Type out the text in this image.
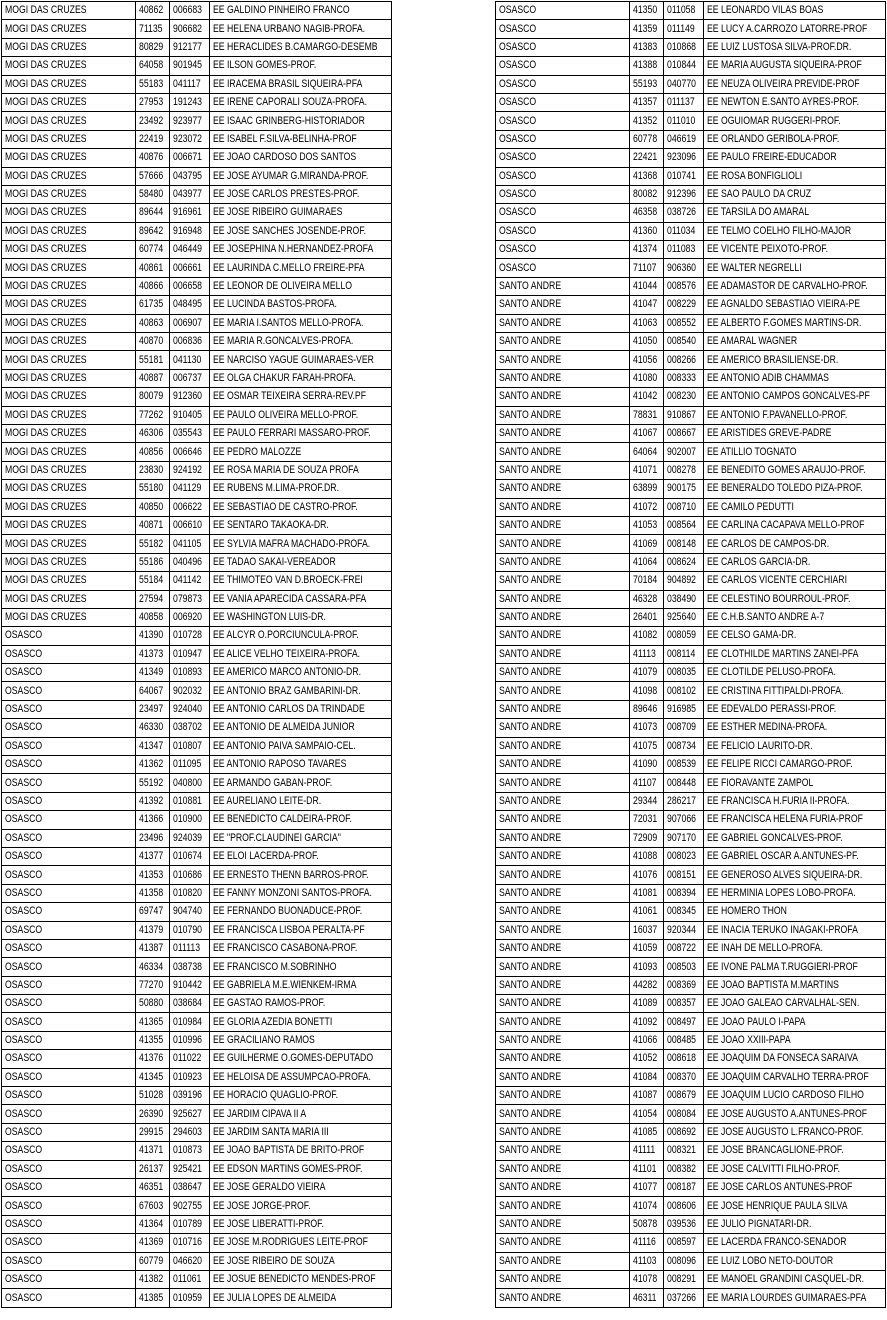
MOGI DAS CRUZES	40862	006683	EE GALDINO PINHEIRO FRANCO
MOGI DAS CRUZES	71135	906682	EE HELENA URBANO NAGIB-PROFA.
MOGI DAS CRUZES	80829	912177	EE HERACLIDES B.CAMARGO-DESEMB
MOGI DAS CRUZES	64058	901945	EE ILSON GOMES-PROF.
MOGI DAS CRUZES	55183	041117	EE IRACEMA BRASIL SIQUEIRA-PFA
MOGI DAS CRUZES	27953	191243	EE IRENE CAPORALI SOUZA-PROFA.
MOGI DAS CRUZES	23492	923977	EE ISAAC GRINBERG-HISTORIADOR
MOGI DAS CRUZES	22419	923072	EE ISABEL F.SILVA-BELINHA-PROF
MOGI DAS CRUZES	40876	006671	EE JOAO CARDOSO DOS SANTOS
MOGI DAS CRUZES	57666	043795	EE JOSE AYUMAR G.MIRANDA-PROF.
MOGI DAS CRUZES	58480	043977	EE JOSE CARLOS PRESTES-PROF.
MOGI DAS CRUZES	89644	916961	EE JOSE RIBEIRO GUIMARAES
MOGI DAS CRUZES	89642	916948	EE JOSE SANCHES JOSENDE-PROF.
MOGI DAS CRUZES	60774	046449	EE JOSEPHINA N.HERNANDEZ-PROFA
MOGI DAS CRUZES	40861	006661	EE LAURINDA C.MELLO FREIRE-PFA
MOGI DAS CRUZES	40866	006658	EE LEONOR DE OLIVEIRA MELLO
MOGI DAS CRUZES	61735	048495	EE LUCINDA BASTOS-PROFA.
MOGI DAS CRUZES	40863	006907	EE MARIA I.SANTOS MELLO-PROFA.
MOGI DAS CRUZES	40870	006836	EE MARIA R.GONCALVES-PROFA.
MOGI DAS CRUZES	55181	041130	EE NARCISO YAGUE GUIMARAES-VER
MOGI DAS CRUZES	40887	006737	EE OLGA CHAKUR FARAH-PROFA.
MOGI DAS CRUZES	80079	912360	EE OSMAR TEIXEIRA SERRA-REV.PF
MOGI DAS CRUZES	77262	910405	EE PAULO OLIVEIRA MELLO-PROF.
MOGI DAS CRUZES	46306	035543	EE PAULO FERRARI MASSARO-PROF.
MOGI DAS CRUZES	40856	006646	EE PEDRO MALOZZE
MOGI DAS CRUZES	23830	924192	EE ROSA MARIA DE SOUZA PROFA
MOGI DAS CRUZES	55180	041129	EE RUBENS M.LIMA-PROF.DR.
MOGI DAS CRUZES	40850	006622	EE SEBASTIAO DE CASTRO-PROF.
MOGI DAS CRUZES	40871	006610	EE SENTARO TAKAOKA-DR.
MOGI DAS CRUZES	55182	041105	EE SYLVIA MAFRA MACHADO-PROFA.
MOGI DAS CRUZES	55186	040496	EE TADAO SAKAI-VEREADOR
MOGI DAS CRUZES	55184	041142	EE THIMOTEO VAN D.BROECK-FREI
MOGI DAS CRUZES	27594	079873	EE VANIA APARECIDA CASSARA-PFA
MOGI DAS CRUZES	40858	006920	EE WASHINGTON LUIS-DR.
OSASCO	41390	010728	EE ALCYR O.PORCIUNCULA-PROF.
OSASCO	41373	010947	EE ALICE VELHO TEIXEIRA-PROFA.
OSASCO	41349	010893	EE AMERICO MARCO ANTONIO-DR.
OSASCO	64067	902032	EE ANTONIO BRAZ GAMBARINI-DR.
OSASCO	23497	924040	EE ANTONIO CARLOS DA TRINDADE
OSASCO	46330	038702	EE ANTONIO DE ALMEIDA JUNIOR
OSASCO	41347	010807	EE ANTONIO PAIVA SAMPAIO-CEL.
OSASCO	41362	011095	EE ANTONIO RAPOSO TAVARES
OSASCO	55192	040800	EE ARMANDO GABAN-PROF.
OSASCO	41392	010881	EE AURELIANO LEITE-DR.
OSASCO	41366	010900	EE BENEDICTO CALDEIRA-PROF.
OSASCO	23496	924039	EE "PROF.CLAUDINEI GARCIA"
OSASCO	41377	010674	EE ELOI LACERDA-PROF.
OSASCO	41353	010686	EE ERNESTO THENN BARROS-PROF.
OSASCO	41358	010820	EE FANNY MONZONI SANTOS-PROFA.
OSASCO	69747	904740	EE FERNANDO BUONADUCE-PROF.
OSASCO	41379	010790	EE FRANCISCA LISBOA PERALTA-PF
OSASCO	41387	011113	EE FRANCISCO CASABONA-PROF.
OSASCO	46334	038738	EE FRANCISCO M.SOBRINHO
OSASCO	77270	910442	EE GABRIELA M.E.WIENKEM-IRMA
OSASCO	50880	038684	EE GASTAO RAMOS-PROF.
OSASCO	41365	010984	EE GLORIA AZEDIA BONETTI
OSASCO	41355	010996	EE GRACILIANO RAMOS
OSASCO	41376	011022	EE GUILHERME O.GOMES-DEPUTADO
OSASCO	41345	010923	EE HELOISA DE ASSUMPCAO-PROFA.
OSASCO	51028	039196	EE HORACIO QUAGLIO-PROF.
OSASCO	26390	925627	EE JARDIM CIPAVA II A
OSASCO	29915	294603	EE JARDIM SANTA MARIA III
OSASCO	41371	010873	EE JOAO BAPTISTA DE BRITO-PROF
OSASCO	26137	925421	EE EDSON MARTINS GOMES-PROF.
OSASCO	46351	038647	EE JOSE GERALDO VIEIRA
OSASCO	67603	902755	EE JOSE JORGE-PROF.
OSASCO	41364	010789	EE JOSE LIBERATTI-PROF.
OSASCO	41369	010716	EE JOSE M.RODRIGUES LEITE-PROF
OSASCO	60779	046620	EE JOSE RIBEIRO DE SOUZA
OSASCO	41382	011061	EE JOSUE BENEDICTO MENDES-PROF
OSASCO	41385	010959	EE JULIA LOPES DE ALMEIDA
OSASCO	41350	011058	EE LEONARDO VILAS BOAS
OSASCO	41359	011149	EE LUCY A.CARROZO LATORRE-PROF
OSASCO	41383	010868	EE LUIZ LUSTOSA SILVA-PROF.DR.
OSASCO	41388	010844	EE MARIA AUGUSTA SIQUEIRA-PROF
OSASCO	55193	040770	EE NEUZA OLIVEIRA PREVIDE-PROF
OSASCO	41357	011137	EE NEWTON E.SANTO AYRES-PROF.
OSASCO	41352	011010	EE OGUIOMAR RUGGERI-PROF.
OSASCO	60778	046619	EE ORLANDO GERIBOLA-PROF.
OSASCO	22421	923096	EE PAULO FREIRE-EDUCADOR
OSASCO	41368	010741	EE ROSA BONFIGLIOLI
OSASCO	80082	912396	EE SAO PAULO DA CRUZ
OSASCO	46358	038726	EE TARSILA DO AMARAL
OSASCO	41360	011034	EE TELMO COELHO FILHO-MAJOR
OSASCO	41374	011083	EE VICENTE PEIXOTO-PROF.
OSASCO	71107	906360	EE WALTER NEGRELLI
SANTO ANDRE	41044	008576	EE ADAMASTOR DE CARVALHO-PROF.
SANTO ANDRE	41047	008229	EE AGNALDO SEBASTIAO VIEIRA-PE
SANTO ANDRE	41063	008552	EE ALBERTO F.GOMES MARTINS-DR.
SANTO ANDRE	41050	008540	EE AMARAL WAGNER
SANTO ANDRE	41056	008266	EE AMERICO BRASILIENSE-DR.
SANTO ANDRE	41080	008333	EE ANTONIO ADIB CHAMMAS
SANTO ANDRE	41042	008230	EE ANTONIO CAMPOS GONCALVES-PF
SANTO ANDRE	78831	910867	EE ANTONIO F.PAVANELLO-PROF.
SANTO ANDRE	41067	008667	EE ARISTIDES GREVE-PADRE
SANTO ANDRE	64064	902007	EE ATILLIO TOGNATO
SANTO ANDRE	41071	008278	EE BENEDITO GOMES ARAUJO-PROF.
SANTO ANDRE	63899	900175	EE BENERALDO TOLEDO PIZA-PROF.
SANTO ANDRE	41072	008710	EE CAMILO PEDUTTI
SANTO ANDRE	41053	008564	EE CARLINA CACAPAVA MELLO-PROF
SANTO ANDRE	41069	008148	EE CARLOS DE CAMPOS-DR.
SANTO ANDRE	41064	008624	EE CARLOS GARCIA-DR.
SANTO ANDRE	70184	904892	EE CARLOS VICENTE CERCHIARI
SANTO ANDRE	46328	038490	EE CELESTINO BOURROUL-PROF.
SANTO ANDRE	26401	925640	EE C.H.B.SANTO ANDRE A-7
SANTO ANDRE	41082	008059	EE CELSO GAMA-DR.
SANTO ANDRE	41113	008114	EE CLOTHILDE MARTINS ZANEI-PFA
SANTO ANDRE	41079	008035	EE CLOTILDE PELUSO-PROFA.
SANTO ANDRE	41098	008102	EE CRISTINA FITTIPALDI-PROFA.
SANTO ANDRE	89646	916985	EE EDEVALDO PERASSI-PROF.
SANTO ANDRE	41073	008709	EE ESTHER MEDINA-PROFA.
SANTO ANDRE	41075	008734	EE FELICIO LAURITO-DR.
SANTO ANDRE	41090	008539	EE FELIPE RICCI CAMARGO-PROF.
SANTO ANDRE	41107	008448	EE FIORAVANTE ZAMPOL
SANTO ANDRE	29344	286217	EE FRANCISCA H.FURIA II-PROFA.
SANTO ANDRE	72031	907066	EE FRANCISCA HELENA FURIA-PROF
SANTO ANDRE	72909	907170	EE GABRIEL GONCALVES-PROF.
SANTO ANDRE	41088	008023	EE GABRIEL OSCAR A.ANTUNES-PF.
SANTO ANDRE	41076	008151	EE GENEROSO ALVES SIQUEIRA-DR.
SANTO ANDRE	41081	008394	EE HERMINIA LOPES LOBO-PROFA.
SANTO ANDRE	41061	008345	EE HOMERO THON
SANTO ANDRE	16037	920344	EE INACIA TERUKO INAGAKI-PROFA
SANTO ANDRE	41059	008722	EE INAH DE MELLO-PROFA.
SANTO ANDRE	41093	008503	EE IVONE PALMA T.RUGGIERI-PROF
SANTO ANDRE	44282	008369	EE JOAO BAPTISTA M.MARTINS
SANTO ANDRE	41089	008357	EE JOAO GALEAO CARVALHAL-SEN.
SANTO ANDRE	41092	008497	EE JOAO PAULO I-PAPA
SANTO ANDRE	41066	008485	EE JOAO XXIII-PAPA
SANTO ANDRE	41052	008618	EE JOAQUIM DA FONSECA SARAIVA
SANTO ANDRE	41084	008370	EE JOAQUIM CARVALHO TERRA-PROF
SANTO ANDRE	41087	008679	EE JOAQUIM LUCIO CARDOSO FILHO
SANTO ANDRE	41054	008084	EE JOSE AUGUSTO A.ANTUNES-PROF
SANTO ANDRE	41085	008692	EE JOSE AUGUSTO L.FRANCO-PROF.
SANTO ANDRE	41111	008321	EE JOSE BRANCAGLIONE-PROF.
SANTO ANDRE	41101	008382	EE JOSE CALVITTI FILHO-PROF.
SANTO ANDRE	41077	008187	EE JOSE CARLOS ANTUNES-PROF
SANTO ANDRE	41074	008606	EE JOSE HENRIQUE PAULA SILVA
SANTO ANDRE	50878	039536	EE JULIO PIGNATARI-DR.
SANTO ANDRE	41116	008597	EE LACERDA FRANCO-SENADOR
SANTO ANDRE	41103	008096	EE LUIZ LOBO NETO-DOUTOR
SANTO ANDRE	41078	008291	EE MANOEL GRANDINI CASQUEL-DR.
SANTO ANDRE	46311	037266	EE MARIA LOURDES GUIMARAES-PFA
